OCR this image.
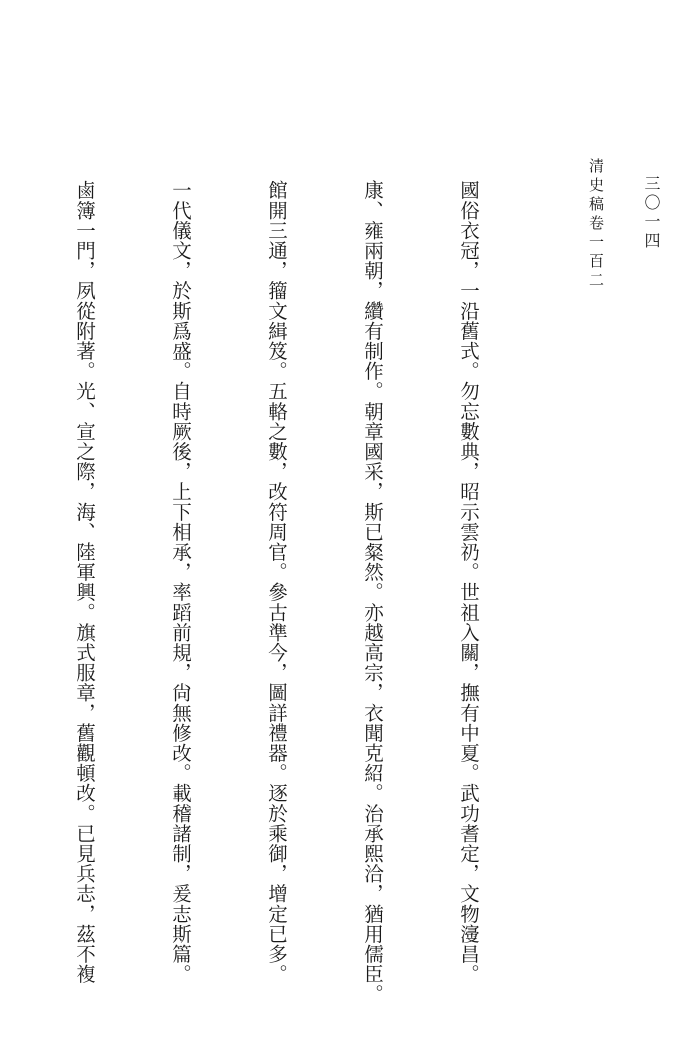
清史稿卷一百二 三〇一四

國俗衣冠，一沿舊式。勿忘數典，昭示雲礽。世祖入關，撫有中夏。武功耆定，文物濅昌。

康、雍兩朝，纘有制作。朝章國采，斯已粲然。亦越高宗，衣聞克紹。治承熙洽，猶用儒臣。

館開三通，籀文緝笈。五輅之數，改符周官。參古準今，圖詳禮器。逐於乘御，增定已多。

一代儀文，於斯爲盛。自時厥後，上下相承，率蹈前規，尙無修改。載稽諸制，爰志斯篇。

鹵簿一門，夙從附著。光、宣之際，海、陸軍興。旗式服章，舊觀頓改。已見兵志，茲不複
